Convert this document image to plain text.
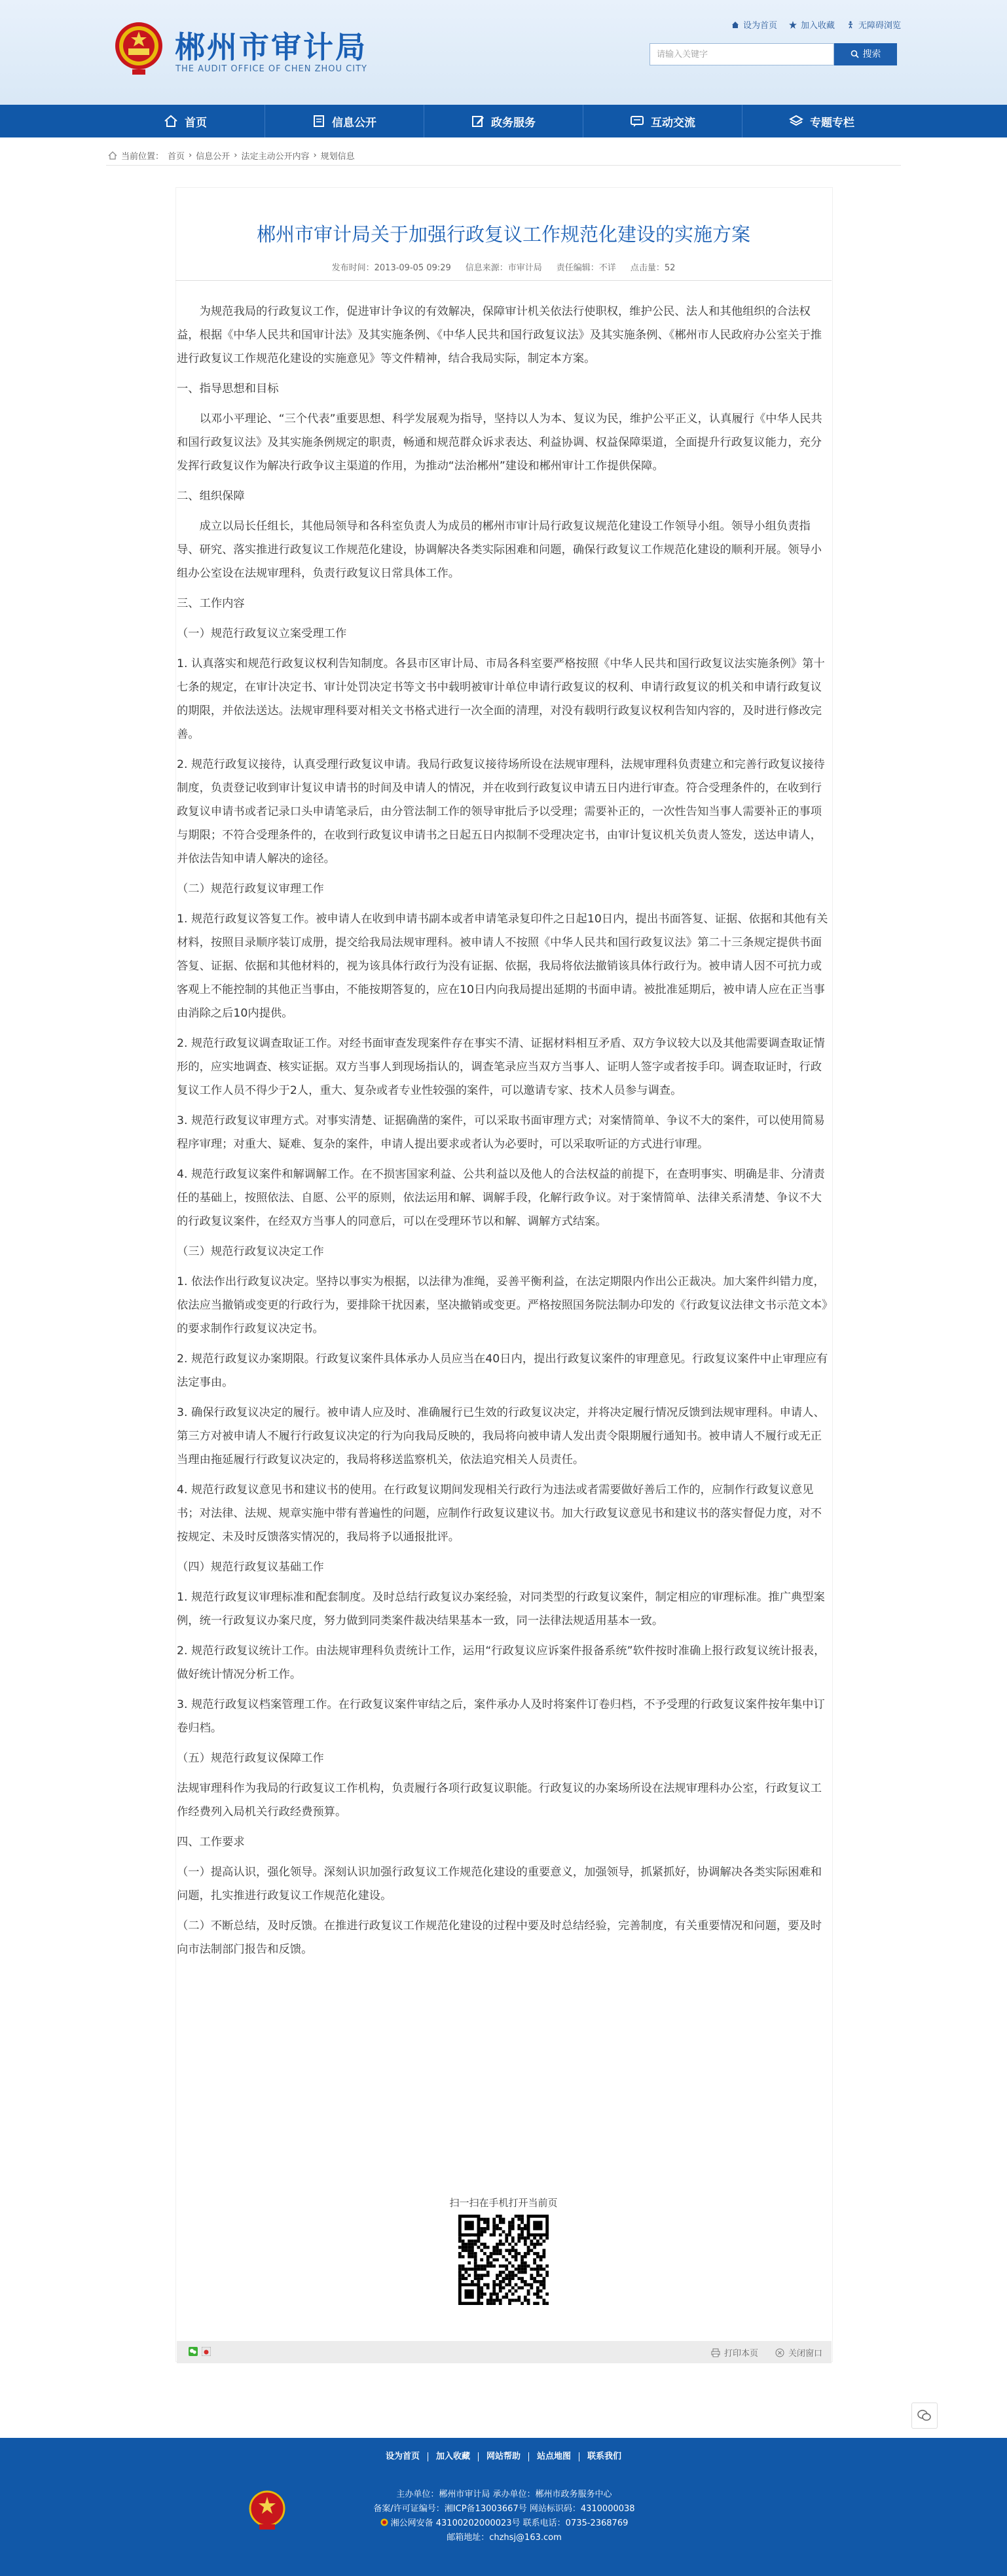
郴州市审计局
THE AUDIT OFFICE OF CHEN ZHOU CITY
设为首页	加入收藏	无障碍浏览
请输入关键字	搜索
首页	信息公开	政务服务	互动交流	专题专栏
当前位置： 首页 › 信息公开 › 法定主动公开内容 › 规划信息
郴州市审计局关于加强行政复议工作规范化建设的实施方案
发布时间：2013-09-05 09:29 信息来源：市审计局 责任编辑：不详 点击量：52

为规范我局的行政复议工作，促进审计争议的有效解决，保障审计机关依法行使职权，维护公民、法人和其他组织的合法权益，根据《中华人民共和国审计法》及其实施条例、《中华人民共和国行政复议法》及其实施条例、《郴州市人民政府办公室关于推进行政复议工作规范化建设的实施意见》等文件精神，结合我局实际，制定本方案。

一、指导思想和目标

以邓小平理论、“三个代表”重要思想、科学发展观为指导，坚持以人为本、复议为民，维护公平正义，认真履行《中华人民共和国行政复议法》及其实施条例规定的职责，畅通和规范群众诉求表达、利益协调、权益保障渠道，全面提升行政复议能力，充分发挥行政复议作为解决行政争议主渠道的作用，为推动“法治郴州”建设和郴州审计工作提供保障。

二、组织保障

成立以局长任组长，其他局领导和各科室负责人为成员的郴州市审计局行政复议规范化建设工作领导小组。领导小组负责指导、研究、落实推进行政复议工作规范化建设，协调解决各类实际困难和问题，确保行政复议工作规范化建设的顺利开展。领导小组办公室设在法规审理科，负责行政复议日常具体工作。

三、工作内容

（一）规范行政复议立案受理工作

1. 认真落实和规范行政复议权利告知制度。各县市区审计局、市局各科室要严格按照《中华人民共和国行政复议法实施条例》第十七条的规定，在审计决定书、审计处罚决定书等文书中载明被审计单位申请行政复议的权利、申请行政复议的机关和申请行政复议的期限，并依法送达。法规审理科要对相关文书格式进行一次全面的清理，对没有载明行政复议权利告知内容的，及时进行修改完善。

2. 规范行政复议接待，认真受理行政复议申请。我局行政复议接待场所设在法规审理科，法规审理科负责建立和完善行政复议接待制度，负责登记收到审计复议申请书的时间及申请人的情况，并在收到行政复议申请五日内进行审查。符合受理条件的，在收到行政复议申请书或者记录口头申请笔录后，由分管法制工作的领导审批后予以受理；需要补正的，一次性告知当事人需要补正的事项与期限；不符合受理条件的，在收到行政复议申请书之日起五日内拟制不受理决定书，由审计复议机关负责人签发，送达申请人，并依法告知申请人解决的途径。

（二）规范行政复议审理工作

1. 规范行政复议答复工作。被申请人在收到申请书副本或者申请笔录复印件之日起10日内，提出书面答复、证据、依据和其他有关材料，按照目录顺序装订成册，提交给我局法规审理科。被申请人不按照《中华人民共和国行政复议法》第二十三条规定提供书面答复、证据、依据和其他材料的，视为该具体行政行为没有证据、依据，我局将依法撤销该具体行政行为。被申请人因不可抗力或客观上不能控制的其他正当事由，不能按期答复的，应在10日内向我局提出延期的书面申请。被批准延期后，被申请人应在正当事由消除之后10内提供。

2. 规范行政复议调查取证工作。对经书面审查发现案件存在事实不清、证据材料相互矛盾、双方争议较大以及其他需要调查取证情形的，应实地调查、核实证据。双方当事人到现场指认的，调查笔录应当双方当事人、证明人签字或者按手印。调查取证时，行政复议工作人员不得少于2人，重大、复杂或者专业性较强的案件，可以邀请专家、技术人员参与调查。

3. 规范行政复议审理方式。对事实清楚、证据确凿的案件，可以采取书面审理方式；对案情简单、争议不大的案件，可以使用简易程序审理；对重大、疑难、复杂的案件，申请人提出要求或者认为必要时，可以采取听证的方式进行审理。

4. 规范行政复议案件和解调解工作。在不损害国家利益、公共利益以及他人的合法权益的前提下，在查明事实、明确是非、分清责任的基础上，按照依法、自愿、公平的原则，依法运用和解、调解手段，化解行政争议。对于案情简单、法律关系清楚、争议不大的行政复议案件，在经双方当事人的同意后，可以在受理环节以和解、调解方式结案。

（三）规范行政复议决定工作

1. 依法作出行政复议决定。坚持以事实为根据，以法律为准绳，妥善平衡利益，在法定期限内作出公正裁决。加大案件纠错力度，依法应当撤销或变更的行政行为，要排除干扰因素，坚决撤销或变更。严格按照国务院法制办印发的《行政复议法律文书示范文本》的要求制作行政复议决定书。

2. 规范行政复议办案期限。行政复议案件具体承办人员应当在40日内，提出行政复议案件的审理意见。行政复议案件中止审理应有法定事由。

3. 确保行政复议决定的履行。被申请人应及时、准确履行已生效的行政复议决定，并将决定履行情况反馈到法规审理科。申请人、第三方对被申请人不履行行政复议决定的行为向我局反映的，我局将向被申请人发出责令限期履行通知书。被申请人不履行或无正当理由拖延履行行政复议决定的，我局将移送监察机关，依法追究相关人员责任。

4. 规范行政复议意见书和建议书的使用。在行政复议期间发现相关行政行为违法或者需要做好善后工作的，应制作行政复议意见书；对法律、法规、规章实施中带有普遍性的问题，应制作行政复议建议书。加大行政复议意见书和建议书的落实督促力度，对不按规定、未及时反馈落实情况的，我局将予以通报批评。

（四）规范行政复议基础工作

1. 规范行政复议审理标准和配套制度。及时总结行政复议办案经验，对同类型的行政复议案件，制定相应的审理标准。推广典型案例，统一行政复议办案尺度，努力做到同类案件裁决结果基本一致，同一法律法规适用基本一致。

2. 规范行政复议统计工作。由法规审理科负责统计工作，运用“行政复议应诉案件报备系统”软件按时准确上报行政复议统计报表，做好统计情况分析工作。

3. 规范行政复议档案管理工作。在行政复议案件审结之后，案件承办人及时将案件订卷归档，不予受理的行政复议案件按年集中订卷归档。

（五）规范行政复议保障工作

法规审理科作为我局的行政复议工作机构，负责履行各项行政复议职能。行政复议的办案场所设在法规审理科办公室，行政复议工作经费列入局机关行政经费预算。

四、工作要求

（一）提高认识，强化领导。深刻认识加强行政复议工作规范化建设的重要意义，加强领导，抓紧抓好，协调解决各类实际困难和问题，扎实推进行政复议工作规范化建设。

（二）不断总结，及时反馈。在推进行政复议工作规范化建设的过程中要及时总结经验，完善制度，有关重要情况和问题，要及时向市法制部门报告和反馈。

扫一扫在手机打开当前页
打印本页	关闭窗口
设为首页	加入收藏	网站帮助	站点地图	联系我们
主办单位：郴州市审计局 承办单位：郴州市政务服务中心
备案/许可证编号：湘ICP备13003667号 网站标识码：4310000038
湘公网安备 43100202000023号 联系电话：0735-2368769
邮箱地址：chzhsj@163.com
